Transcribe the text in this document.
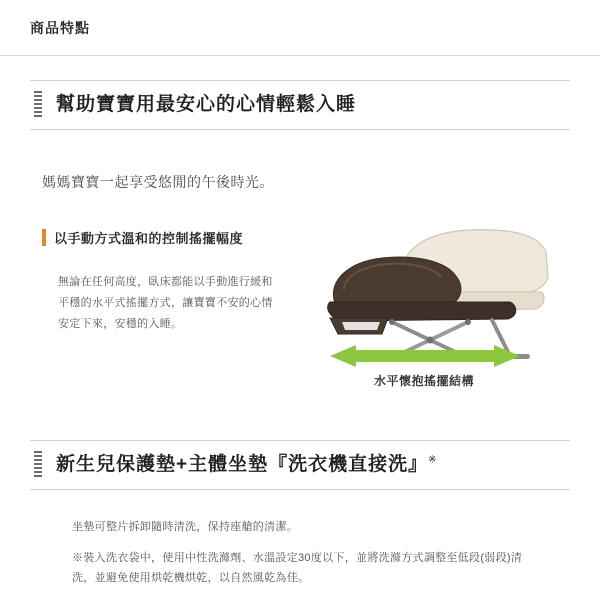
商品特點
幫助寶寶用最安心的心情輕鬆入睡
媽媽寶寶一起享受悠閒的午後時光。
以手動方式溫和的控制搖擺幅度
無論在任何高度，臥床都能以手動進行緩和平穩的水平式搖擺方式，讓寶寶不安的心情安定下來，安穩的入睡。
水平懷抱搖擺結構
新生兒保護墊+主體坐墊『洗衣機直接洗』※
坐墊可整片拆卸隨時清洗，保持座艙的清潔。
※裝入洗衣袋中，使用中性洗滌劑、水溫設定30度以下，並將洗滌方式調整至低段(弱段)清洗，並避免使用烘乾機烘乾，以自然風乾為佳。
